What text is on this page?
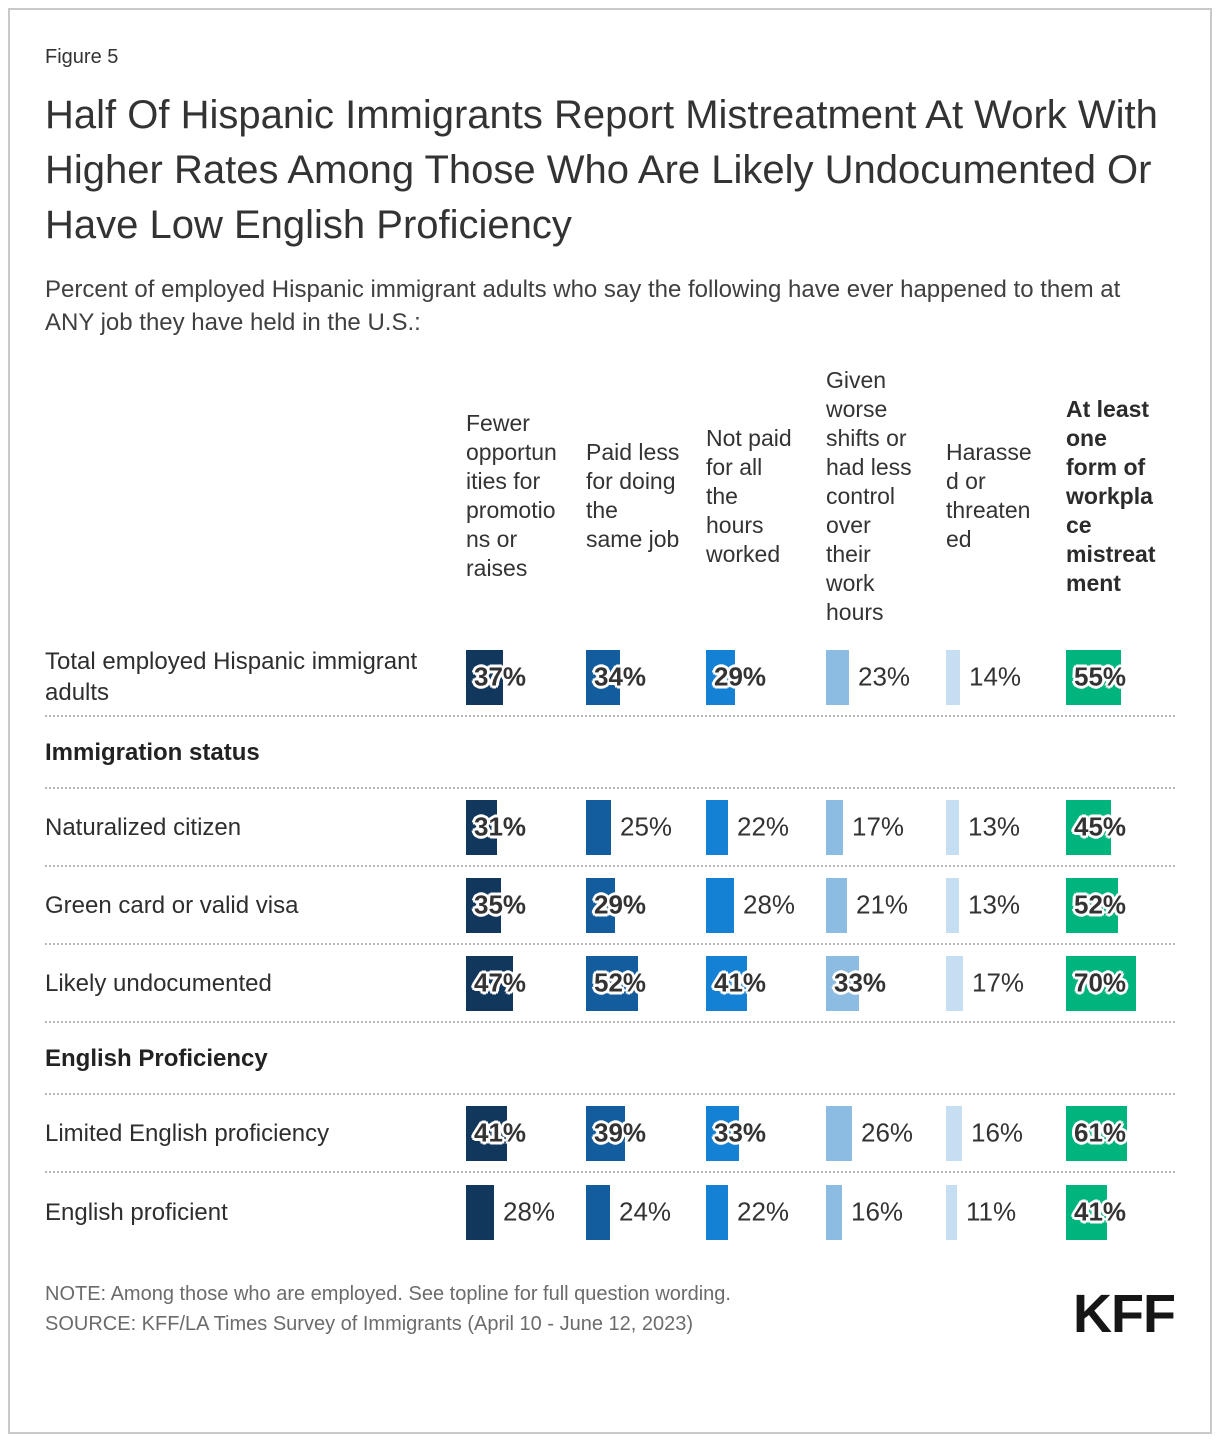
Figure 5
Half Of Hispanic Immigrants Report Mistreatment At Work With Higher Rates Among Those Who Are Likely Undocumented Or Have Low English Proficiency

Percent of employed Hispanic immigrant adults who say the following have ever happened to them at ANY job they have held in the U.S.:

Fewer opportunities for promotions or raises
Paid less for doing the same job
Not paid for all the hours worked
Given worse shifts or had less control over their work hours
Harassed or threatened
At least one form of workplace mistreatment
Total employed Hispanic immigrant adults
37%	34%	29%	23% 14% 55%
Immigration status
Naturalized citizen	31%	25% 22% 17% 13% 45%
Green card or valid visa	35%	29%	28% 21% 13% 52%
Likely undocumented	47%	52%	41%	33%	17% 70%
English Proficiency
Limited English proficiency	41%	39%	33%	26% 16% 61%
English proficient	28% 24%	22% 16% 11% 41%
NOTE: Among those who are employed. See topline for full question wording.
SOURCE: KFF/LA Times Survey of Immigrants (April 10 - June 12, 2023)	KFF
